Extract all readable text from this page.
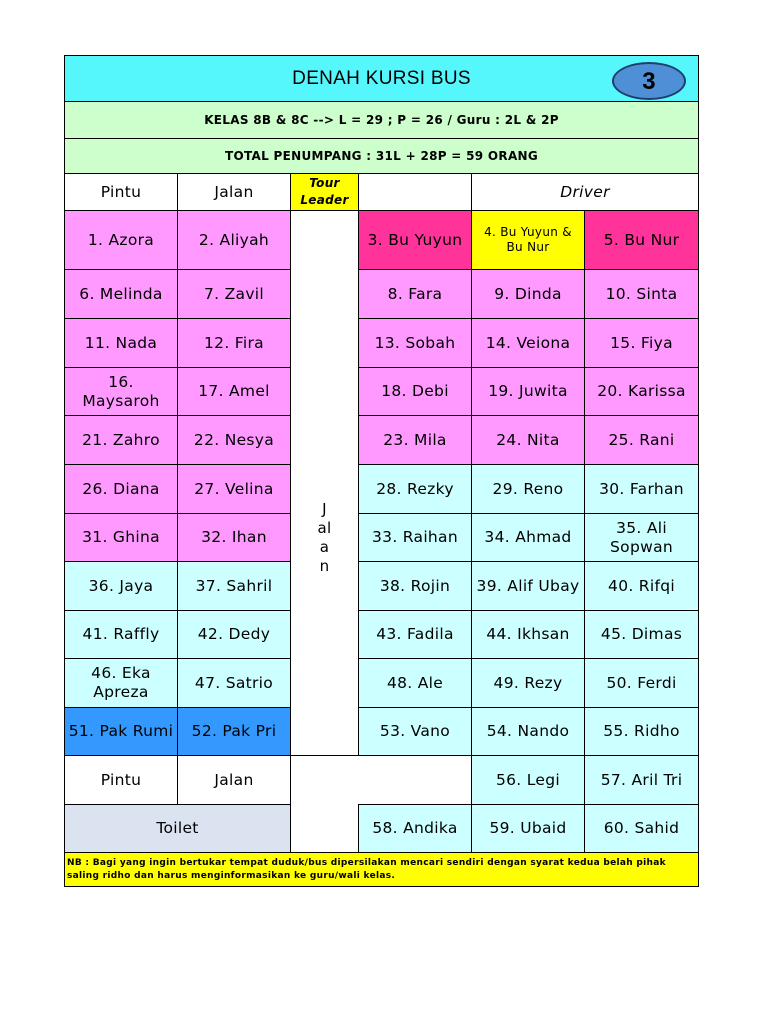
DENAH KURSI BUS 3					

KELAS 8B & 8C --> L = 29 ; P = 26 / Guru : 2L & 2P					
TOTAL PENUMPANG : 31L + 28P = 59 ORANG					
Pintu	Jalan	Tour Leader		Driver	
1. Azora	2. Aliyah		3. Bu Yuyun	4. Bu Yuyun & Bu Nur	5. Bu Nur
6. Melinda	7. Zavil		8. Fara	9. Dinda	10. Sinta
11. Nada	12. Fira		13. Sobah	14. Veiona	15. Fiya
16. Maysaroh	17. Amel		18. Debi	19. Juwita	20. Karissa
21. Zahro	22. Nesya		23. Mila	24. Nita	25. Rani
26. Diana	27. Velina	Jalan	28. Rezky	29. Reno	30. Farhan
31. Ghina	32. Ihan		33. Raihan	34. Ahmad	35. Ali Sopwan
36. Jaya	37. Sahril		38. Rojin	39. Alif Ubay	40. Rifqi
41. Raffly	42. Dedy		43. Fadila	44. Ikhsan	45. Dimas
46. Eka Apreza	47. Satrio		48. Ale	49. Rezy	50. Ferdi
51. Pak Rumi	52. Pak Pri		53. Vano	54. Nando	55. Ridho
Pintu	Jalan			56. Legi	57. Aril Tri
Toilet			58. Andika	59. Ubaid	60. Sahid
NB : Bagi yang ingin bertukar tempat duduk/bus dipersilakan mencari sendiri dengan syarat kedua belah pihak saling ridho dan harus menginformasikan ke guru/wali kelas.					
